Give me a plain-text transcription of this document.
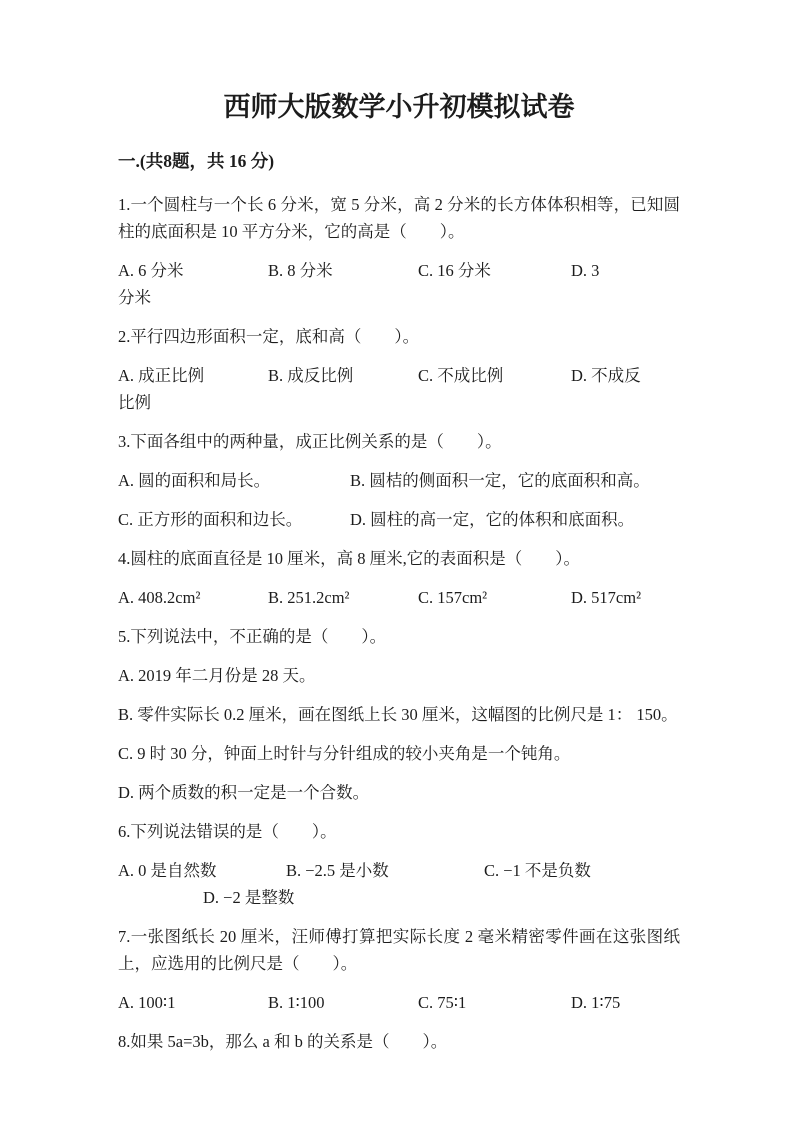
西师大版数学小升初模拟试卷
一.(共8题，共 16 分)

1.一个圆柱与一个长 6 分米，宽 5 分米，高 2 分米的长方体体积相等，已知圆柱的底面积是 10 平方分米，它的高是（　　）。

A. 6 分米	B. 8 分米	C. 16 分米	D. 3

分米

2.平行四边形面积一定，底和高（　　）。

A. 成正比例	B. 成反比例	C. 不成比例	D. 不成反

比例

3.下面各组中的两种量，成正比例关系的是（　　）。

A. 圆的面积和局长。	B. 圆桔的侧面积一定，它的底面积和高。
C. 正方形的面积和边长。	D. 圆柱的高一定，它的体积和底面积。

4.圆柱的底面直径是 10 厘米，高 8 厘米,它的表面积是（　　）。

A. 408.2cm²	B. 251.2cm²	C. 157cm²	D. 517cm²

5.下列说法中，不正确的是（　　）。

A. 2019 年二月份是 28 天。

B. 零件实际长 0.2 厘米，画在图纸上长 30 厘米，这幅图的比例尺是 1： 150。

C. 9 时 30 分，钟面上时针与分针组成的较小夹角是一个钝角。

D. 两个质数的积一定是一个合数。

6.下列说法错误的是（　　）。

A. 0 是自然数	B. −2.5 是小数	C. −1 不是负数

D. −2 是整数

7.一张图纸长 20 厘米，汪师傅打算把实际长度 2 毫米精密零件画在这张图纸上，应选用的比例尺是（　　）。

A. 100∶1	B. 1∶100	C. 75∶1	D. 1∶75

8.如果 5a=3b，那么 a 和 b 的关系是（　　）。
